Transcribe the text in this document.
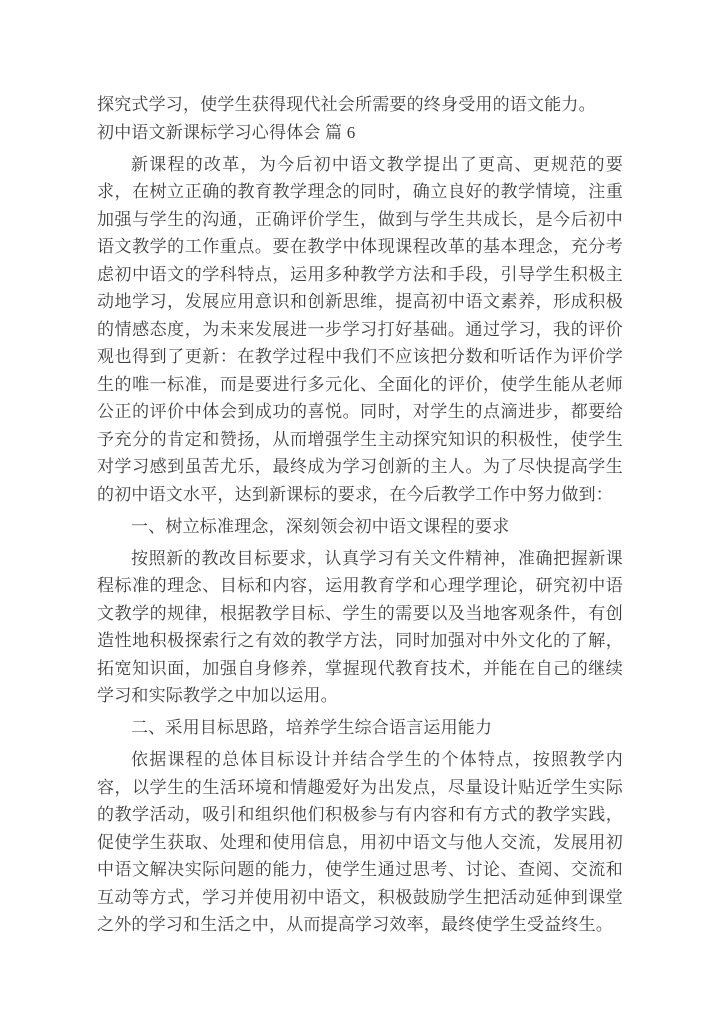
探究式学习，使学生获得现代社会所需要的终身受用的语文能力。

初中语文新课标学习心得体会 篇 6

新课程的改革，为今后初中语文教学提出了更高、更规范的要求，在树立正确的教育教学理念的同时，确立良好的教学情境，注重加强与学生的沟通，正确评价学生，做到与学生共成长，是今后初中语文教学的工作重点。要在教学中体现课程改革的基本理念，充分考虑初中语文的学科特点，运用多种教学方法和手段，引导学生积极主动地学习，发展应用意识和创新思维，提高初中语文素养，形成积极的情感态度，为未来发展进一步学习打好基础。通过学习，我的评价观也得到了更新：在教学过程中我们不应该把分数和听话作为评价学生的唯一标准，而是要进行多元化、全面化的评价，使学生能从老师公正的评价中体会到成功的喜悦。同时，对学生的点滴进步，都要给予充分的肯定和赞扬，从而增强学生主动探究知识的积极性，使学生对学习感到虽苦尤乐，最终成为学习创新的主人。为了尽快提高学生的初中语文水平，达到新课标的要求，在今后教学工作中努力做到：

一、树立标准理念，深刻领会初中语文课程的要求

按照新的教改目标要求，认真学习有关文件精神，准确把握新课程标准的理念、目标和内容，运用教育学和心理学理论，研究初中语文教学的规律，根据教学目标、学生的需要以及当地客观条件，有创造性地积极探索行之有效的教学方法，同时加强对中外文化的了解，拓宽知识面，加强自身修养，掌握现代教育技术，并能在自己的继续学习和实际教学之中加以运用。

二、采用目标思路，培养学生综合语言运用能力

依据课程的总体目标设计并结合学生的个体特点，按照教学内容，以学生的生活环境和情趣爱好为出发点，尽量设计贴近学生实际的教学活动，吸引和组织他们积极参与有内容和有方式的教学实践，促使学生获取、处理和使用信息，用初中语文与他人交流，发展用初中语文解决实际问题的能力，使学生通过思考、讨论、查阅、交流和互动等方式，学习并使用初中语文，积极鼓励学生把活动延伸到课堂之外的学习和生活之中，从而提高学习效率，最终使学生受益终生。
